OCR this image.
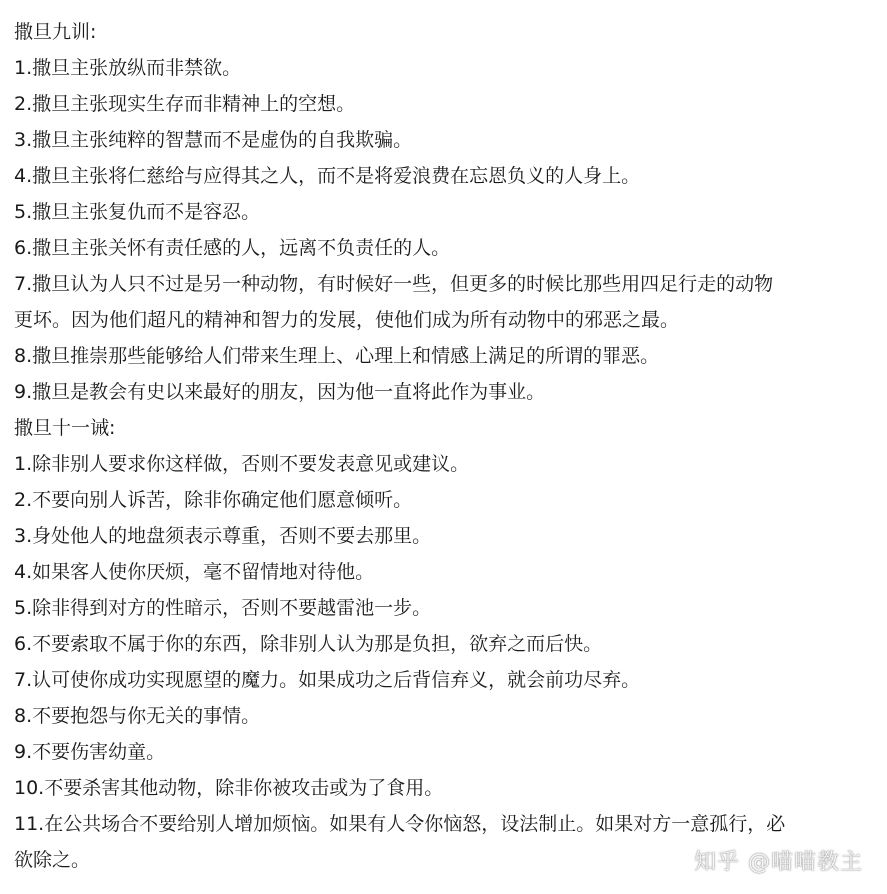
撒旦九训:
1.撒旦主张放纵而非禁欲。
2.撒旦主张现实生存而非精神上的空想。
3.撒旦主张纯粹的智慧而不是虚伪的自我欺骗。
4.撒旦主张将仁慈给与应得其之人，而不是将爱浪费在忘恩负义的人身上。
5.撒旦主张复仇而不是容忍。
6.撒旦主张关怀有责任感的人，远离不负责任的人。
7.撒旦认为人只不过是另一种动物，有时候好一些，但更多的时候比那些用四足行走的动物
更坏。因为他们超凡的精神和智力的发展，使他们成为所有动物中的邪恶之最。
8.撒旦推崇那些能够给人们带来生理上、心理上和情感上满足的所谓的罪恶。
9.撒旦是教会有史以来最好的朋友，因为他一直将此作为事业。
撒旦十一诫:
1.除非别人要求你这样做，否则不要发表意见或建议。
2.不要向别人诉苦，除非你确定他们愿意倾听。
3.身处他人的地盘须表示尊重，否则不要去那里。
4.如果客人使你厌烦，毫不留情地对待他。
5.除非得到对方的性暗示，否则不要越雷池一步。
6.不要索取不属于你的东西，除非别人认为那是负担，欲弃之而后快。
7.认可使你成功实现愿望的魔力。如果成功之后背信弃义，就会前功尽弃。
8.不要抱怨与你无关的事情。
9.不要伤害幼童。
10.不要杀害其他动物，除非你被攻击或为了食用。
11.在公共场合不要给别人增加烦恼。如果有人令你恼怒，设法制止。如果对方一意孤行，必
欲除之。	知乎 @喵喵教主
